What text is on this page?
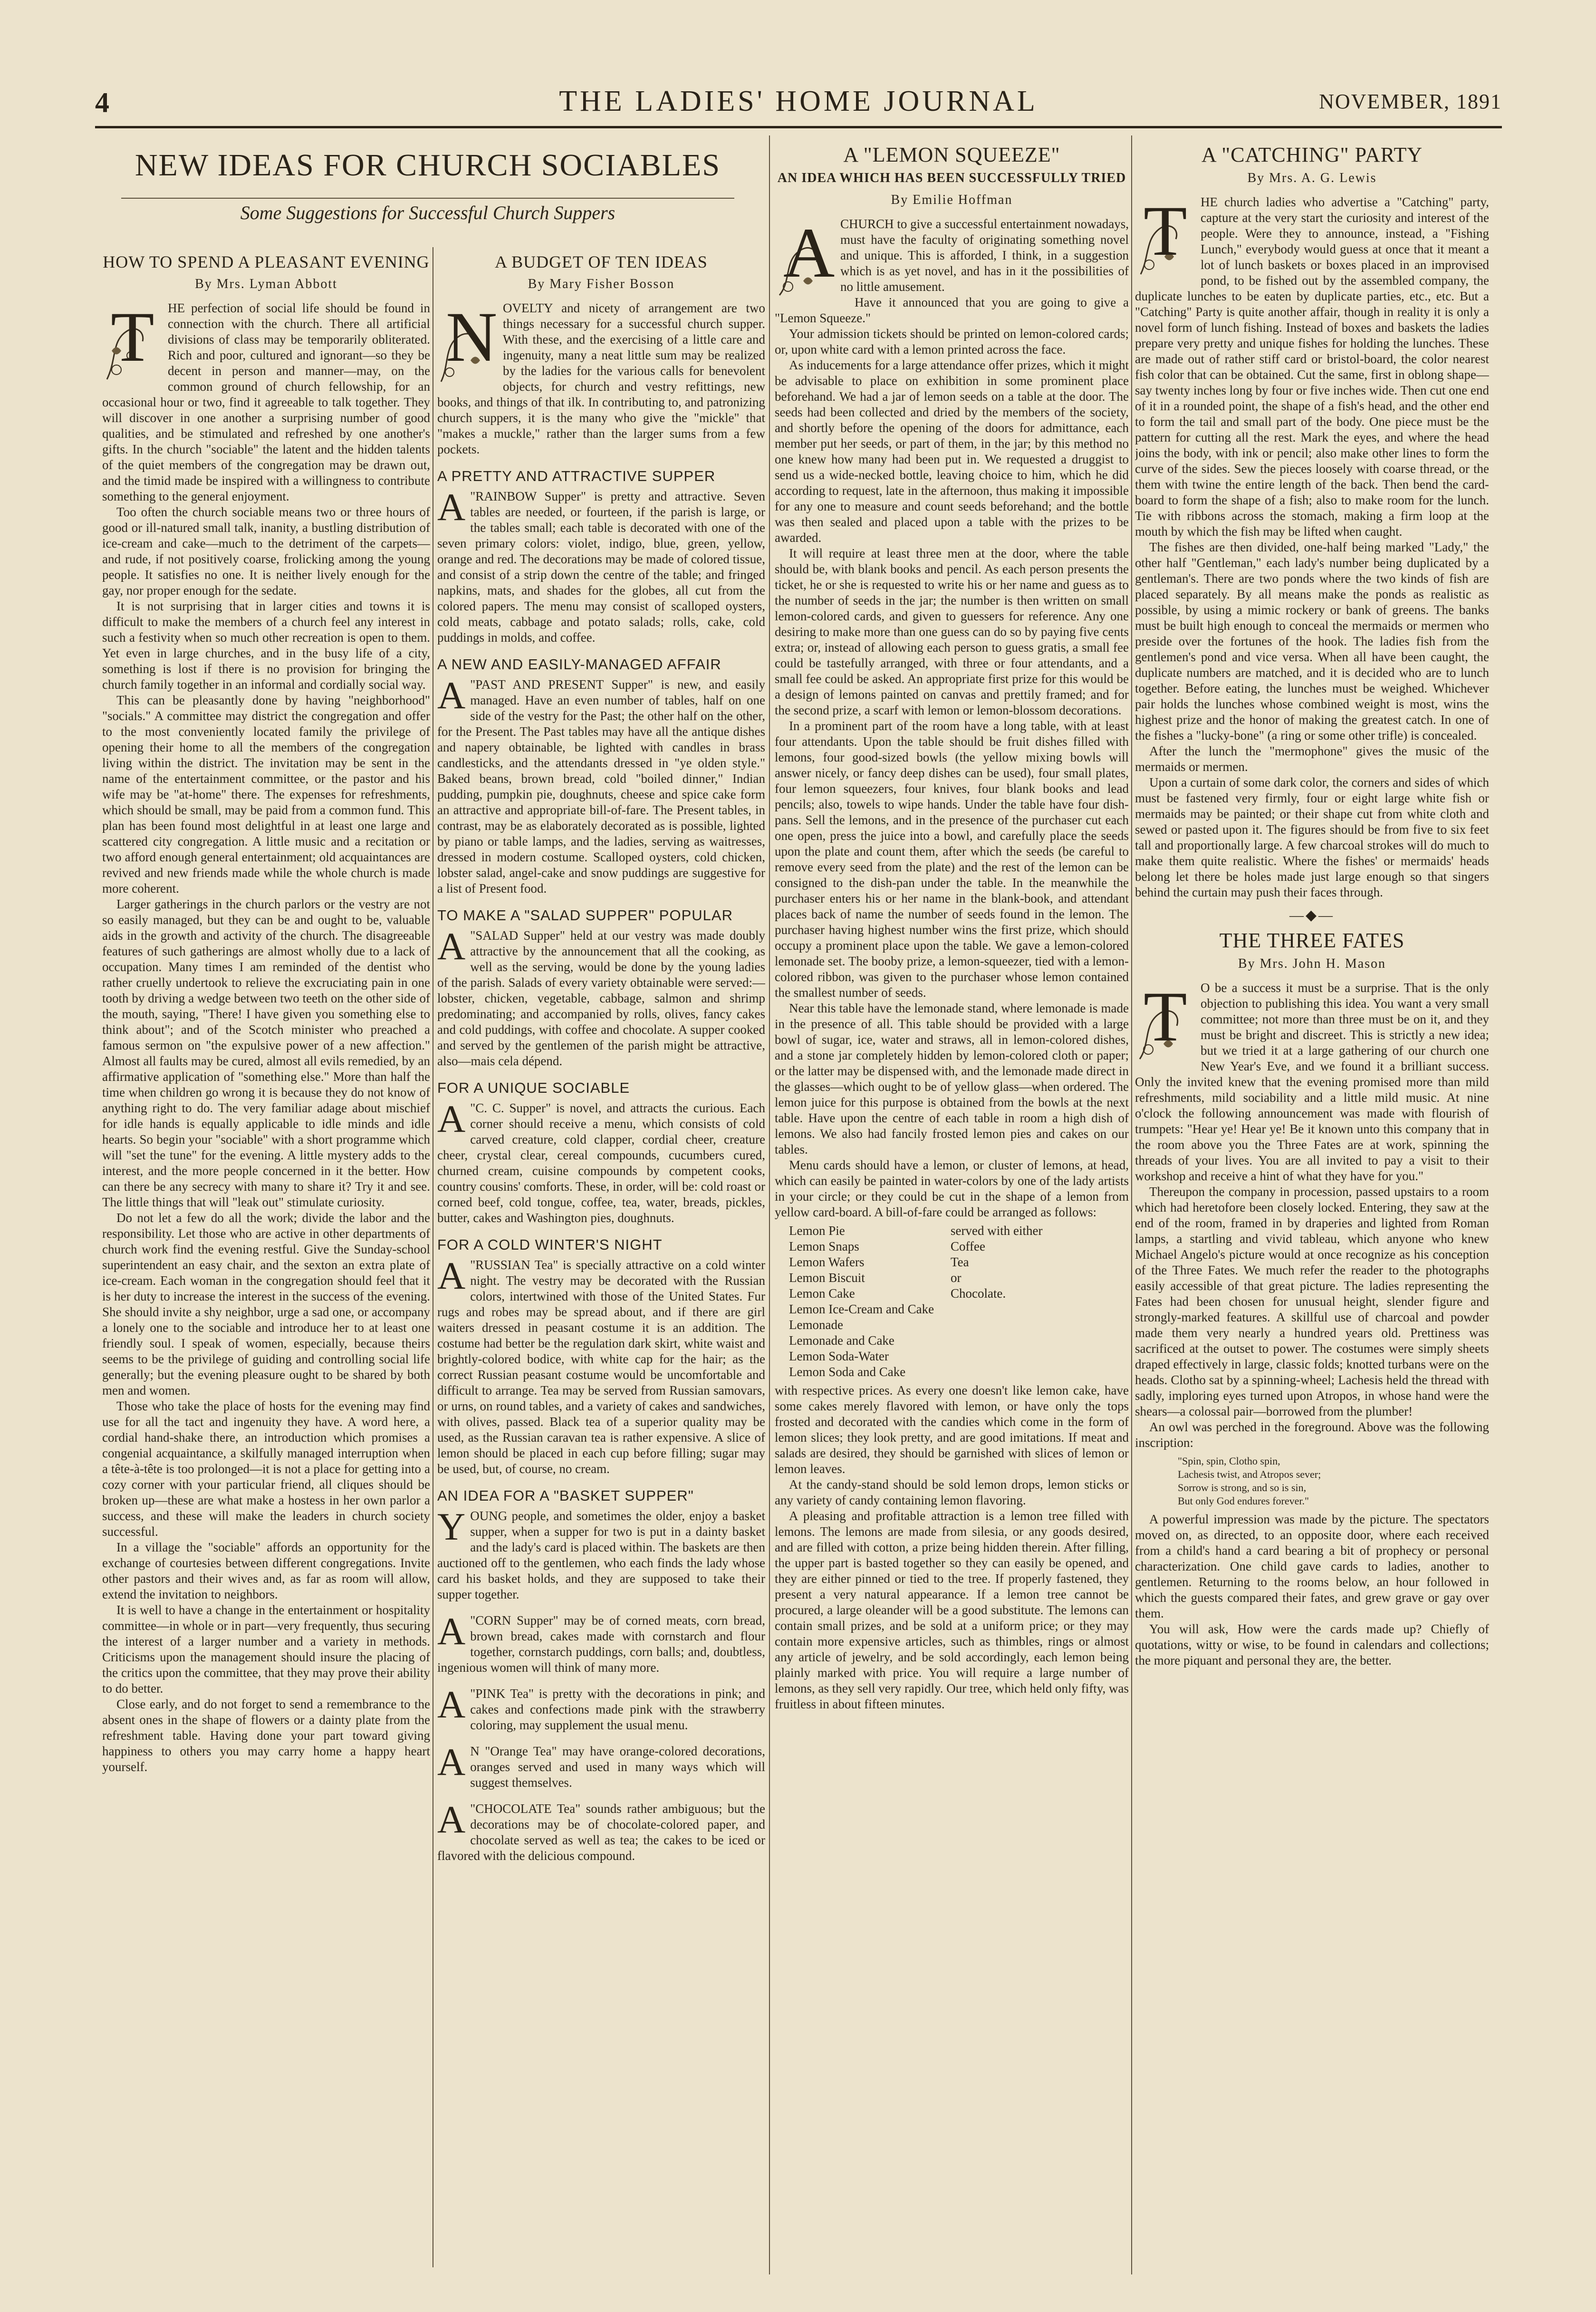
4	THE LADIES' HOME JOURNAL	NOVEMBER, 1891
NEW IDEAS FOR CHURCH SOCIABLES
Some Suggestions for Successful Church Suppers
HOW TO SPEND A PLEASANT EVENING
By Mrs. Lyman Abbott
T	HE perfection of social life should be found in connection with the church. There all artificial divisions of class may be temporarily obliterated. Rich and poor, cultured and ignorant—so they be decent in person and manner—may, on the common ground of church fellowship, for an occasional hour or two, find it agreeable to talk together. They will discover in one another a surprising number of good qualities, and be stimulated and refreshed by one another's gifts. In the church "sociable" the latent and the hidden talents of the quiet members of the congregation may be drawn out, and the timid made be inspired with a willingness to contribute something to the general enjoyment.

Too often the church sociable means two or three hours of good or ill-natured small talk, inanity, a bustling distribution of ice-cream and cake—much to the detriment of the carpets—and rude, if not positively coarse, frolicking among the young people. It satisfies no one. It is neither lively enough for the gay, nor proper enough for the sedate.

It is not surprising that in larger cities and towns it is difficult to make the members of a church feel any interest in such a festivity when so much other recreation is open to them. Yet even in large churches, and in the busy life of a city, something is lost if there is no provision for bringing the church family together in an informal and cordially social way.

This can be pleasantly done by having "neighborhood" "socials." A committee may district the congregation and offer to the most conveniently located family the privilege of opening their home to all the members of the congregation living within the district. The invitation may be sent in the name of the entertainment committee, or the pastor and his wife may be "at-home" there. The expenses for refreshments, which should be small, may be paid from a common fund. This plan has been found most delightful in at least one large and scattered city congregation. A little music and a recitation or two afford enough general entertainment; old acquaintances are revived and new friends made while the whole church is made more coherent.

Larger gatherings in the church parlors or the vestry are not so easily managed, but they can be and ought to be, valuable aids in the growth and activity of the church. The disagreeable features of such gatherings are almost wholly due to a lack of occupation. Many times I am reminded of the dentist who rather cruelly undertook to relieve the excruciating pain in one tooth by driving a wedge between two teeth on the other side of the mouth, saying, "There! I have given you something else to think about"; and of the Scotch minister who preached a famous sermon on "the expulsive power of a new affection." Almost all faults may be cured, almost all evils remedied, by an affirmative application of "something else." More than half the time when children go wrong it is because they do not know of anything right to do. The very familiar adage about mischief for idle hands is equally applicable to idle minds and idle hearts. So begin your "sociable" with a short programme which will "set the tune" for the evening. A little mystery adds to the interest, and the more people concerned in it the better. How can there be any secrecy with many to share it? Try it and see. The little things that will "leak out" stimulate curiosity.

Do not let a few do all the work; divide the labor and the responsibility. Let those who are active in other departments of church work find the evening restful. Give the Sunday-school superintendent an easy chair, and the sexton an extra plate of ice-cream. Each woman in the congregation should feel that it is her duty to increase the interest in the success of the evening. She should invite a shy neighbor, urge a sad one, or accompany a lonely one to the sociable and introduce her to at least one friendly soul. I speak of women, especially, because theirs seems to be the privilege of guiding and controlling social life generally; but the evening pleasure ought to be shared by both men and women.

Those who take the place of hosts for the evening may find use for all the tact and ingenuity they have. A word here, a cordial hand-shake there, an introduction which promises a congenial acquaintance, a skilfully managed interruption when a tête-à-tête is too prolonged—it is not a place for getting into a cozy corner with your particular friend, all cliques should be broken up—these are what make a hostess in her own parlor a success, and these will make the leaders in church society successful.

In a village the "sociable" affords an opportunity for the exchange of courtesies between different congregations. Invite other pastors and their wives and, as far as room will allow, extend the invitation to neighbors.

It is well to have a change in the entertainment or hospitality committee—in whole or in part—very frequently, thus securing the interest of a larger number and a variety in methods. Criticisms upon the management should insure the placing of the critics upon the committee, that they may prove their ability to do better.

Close early, and do not forget to send a remembrance to the absent ones in the shape of flowers or a dainty plate from the refreshment table. Having done your part toward giving happiness to others you may carry home a happy heart yourself.

A BUDGET OF TEN IDEAS
By Mary Fisher Bosson
N OVELTY and nicety of arrangement are two things necessary for a successful church supper. With these, and the exercising of a little care and ingenuity, many a neat little sum may be realized by the ladies for the various calls for benevolent objects, for church and vestry refittings, new books, and things of that ilk. In contributing to, and patronizing church suppers, it is the many who give the "mickle" that "makes a muckle," rather than the larger sums from a few pockets.

A PRETTY AND ATTRACTIVE SUPPER

A "RAINBOW Supper" is pretty and attractive. Seven tables are needed, or fourteen, if the parish is large, or the tables small; each table is decorated with one of the seven primary colors: violet, indigo, blue, green, yellow, orange and red. The decorations may be made of colored tissue, and consist of a strip down the centre of the table; and fringed napkins, mats, and shades for the globes, all cut from the colored papers. The menu may consist of scalloped oysters, cold meats, cabbage and potato salads; rolls, cake, cold puddings in molds, and coffee.

A NEW AND EASILY-MANAGED AFFAIR

A "PAST AND PRESENT Supper" is new, and easily managed. Have an even number of tables, half on one side of the vestry for the Past; the other half on the other, for the Present. The Past tables may have all the antique dishes and napery obtainable, be lighted with candles in brass candlesticks, and the attendants dressed in "ye olden style." Baked beans, brown bread, cold "boiled dinner," Indian pudding, pumpkin pie, doughnuts, cheese and spice cake form an attractive and appropriate bill-of-fare. The Present tables, in contrast, may be as elaborately decorated as is possible, lighted by piano or table lamps, and the ladies, serving as waitresses, dressed in modern costume. Scalloped oysters, cold chicken, lobster salad, angel-cake and snow puddings are suggestive for a list of Present food.

TO MAKE A "SALAD SUPPER" POPULAR

A "SALAD Supper" held at our vestry was made doubly attractive by the announcement that all the cooking, as well as the serving, would be done by the young ladies of the parish. Salads of every variety obtainable were served:—lobster, chicken, vegetable, cabbage, salmon and shrimp predominating; and accompanied by rolls, olives, fancy cakes and cold puddings, with coffee and chocolate. A supper cooked and served by the gentlemen of the parish might be attractive, also—mais cela dépend.

FOR A UNIQUE SOCIABLE

A "C. C. Supper" is novel, and attracts the curious. Each corner should receive a menu, which consists of cold carved creature, cold clapper, cordial cheer, creature cheer, crystal clear, cereal compounds, cucumbers cured, churned cream, cuisine compounds by competent cooks, country cousins' comforts. These, in order, will be: cold roast or corned beef, cold tongue, coffee, tea, water, breads, pickles, butter, cakes and Washington pies, doughnuts.

FOR A COLD WINTER'S NIGHT

A "RUSSIAN Tea" is specially attractive on a cold winter night. The vestry may be decorated with the Russian colors, intertwined with those of the United States. Fur rugs and robes may be spread about, and if there are girl waiters dressed in peasant costume it is an addition. The costume had better be the regulation dark skirt, white waist and brightly-colored bodice, with white cap for the hair; as the correct Russian peasant costume would be uncomfortable and difficult to arrange. Tea may be served from Russian samovars, or urns, on round tables, and a variety of cakes and sandwiches, with olives, passed. Black tea of a superior quality may be used, as the Russian caravan tea is rather expensive. A slice of lemon should be placed in each cup before filling; sugar may be used, but, of course, no cream.

AN IDEA FOR A "BASKET SUPPER"

YOUNG people, and sometimes the older, enjoy a basket supper, when a supper for two is put in a dainty basket and the lady's card is placed within. The baskets are then auctioned off to the gentlemen, who each finds the lady whose card his basket holds, and they are supposed to take their supper together.

A "CORN Supper" may be of corned meats, corn bread, brown bread, cakes made with cornstarch and flour together, cornstarch puddings, corn balls; and, doubtless, ingenious women will think of many more.

A "PINK Tea" is pretty with the decorations in pink; and cakes and confections made pink with the strawberry coloring, may supplement the usual menu.

A N "Orange Tea" may have orange-colored decorations, oranges served and used in many ways which will suggest themselves.

A "CHOCOLATE Tea" sounds rather ambiguous; but the decorations may be of chocolate-colored paper, and chocolate served as well as tea; the cakes to be iced or flavored with the delicious compound.

A "LEMON SQUEEZE"
AN IDEA WHICH HAS BEEN SUCCESSFULLY TRIED
By Emilie Hoffman
A CHURCH to give a successful entertainment nowadays, must have the faculty of originating something novel and unique. This is afforded, I think, in a suggestion which is as yet novel, and has in it the possibilities of no little amusement.

Have it announced that you are going to give a "Lemon Squeeze."

Your admission tickets should be printed on lemon-colored cards; or, upon white card with a lemon printed across the face.

As inducements for a large attendance offer prizes, which it might be advisable to place on exhibition in some prominent place beforehand. We had a jar of lemon seeds on a table at the door. The seeds had been collected and dried by the members of the society, and shortly before the opening of the doors for admittance, each member put her seeds, or part of them, in the jar; by this method no one knew how many had been put in. We requested a druggist to send us a wide-necked bottle, leaving choice to him, which he did according to request, late in the afternoon, thus making it impossible for any one to measure and count seeds beforehand; and the bottle was then sealed and placed upon a table with the prizes to be awarded.

It will require at least three men at the door, where the table should be, with blank books and pencil. As each person presents the ticket, he or she is requested to write his or her name and guess as to the number of seeds in the jar; the number is then written on small lemon-colored cards, and given to guessers for reference. Any one desiring to make more than one guess can do so by paying five cents extra; or, instead of allowing each person to guess gratis, a small fee could be tastefully arranged, with three or four attendants, and a small fee could be asked. An appropriate first prize for this would be a design of lemons painted on canvas and prettily framed; and for the second prize, a scarf with lemon or lemon-blossom decorations.

In a prominent part of the room have a long table, with at least four attendants. Upon the table should be fruit dishes filled with lemons, four good-sized bowls (the yellow mixing bowls will answer nicely, or fancy deep dishes can be used), four small plates, four lemon squeezers, four knives, four blank books and lead pencils; also, towels to wipe hands. Under the table have four dish-pans. Sell the lemons, and in the presence of the purchaser cut each one open, press the juice into a bowl, and carefully place the seeds upon the plate and count them, after which the seeds (be careful to remove every seed from the plate) and the rest of the lemon can be consigned to the dish-pan under the table. In the meanwhile the purchaser enters his or her name in the blank-book, and attendant places back of name the number of seeds found in the lemon. The purchaser having highest number wins the first prize, which should occupy a prominent place upon the table. We gave a lemon-colored lemonade set. The booby prize, a lemon-squeezer, tied with a lemon-colored ribbon, was given to the purchaser whose lemon contained the smallest number of seeds.

Near this table have the lemonade stand, where lemonade is made in the presence of all. This table should be provided with a large bowl of sugar, ice, water and straws, all in lemon-colored dishes, and a stone jar completely hidden by lemon-colored cloth or paper; or the latter may be dispensed with, and the lemonade made direct in the glasses—which ought to be of yellow glass—when ordered. The lemon juice for this purpose is obtained from the bowls at the next table. Have upon the centre of each table in room a high dish of lemons. We also had fancily frosted lemon pies and cakes on our tables.

Menu cards should have a lemon, or cluster of lemons, at head, which can easily be painted in water-colors by one of the lady artists in your circle; or they could be cut in the shape of a lemon from yellow card-board. A bill-of-fare could be arranged as follows:

Lemon Pie	served with either
Lemon Snaps	Coffee
Lemon Wafers	Tea
Lemon Biscuit	or
Lemon Cake	Chocolate.
Lemon Ice-Cream and Cake
Lemonade
Lemonade and Cake
Lemon Soda-Water
Lemon Soda and Cake

with respective prices. As every one doesn't like lemon cake, have some cakes merely flavored with lemon, or have only the tops frosted and decorated with the candies which come in the form of lemon slices; they look pretty, and are good imitations. If meat and salads are desired, they should be garnished with slices of lemon or lemon leaves.

At the candy-stand should be sold lemon drops, lemon sticks or any variety of candy containing lemon flavoring.

A pleasing and profitable attraction is a lemon tree filled with lemons. The lemons are made from silesia, or any goods desired, and are filled with cotton, a prize being hidden therein. After filling, the upper part is basted together so they can easily be opened, and they are either pinned or tied to the tree. If properly fastened, they present a very natural appearance. If a lemon tree cannot be procured, a large oleander will be a good substitute. The lemons can contain small prizes, and be sold at a uniform price; or they may contain more expensive articles, such as thimbles, rings or almost any article of jewelry, and be sold accordingly, each lemon being plainly marked with price. You will require a large number of lemons, as they sell very rapidly. Our tree, which held only fifty, was fruitless in about fifteen minutes.

A "CATCHING" PARTY
By Mrs. A. G. Lewis
T	HE church ladies who advertise a "Catching" party, capture at the very start the curiosity and interest of the people. Were they to announce, instead, a "Fishing Lunch," everybody would guess at once that it meant a lot of lunch baskets or boxes placed in an improvised pond, to be fished out by the assembled company, the duplicate lunches to be eaten by duplicate parties, etc., etc. But a "Catching" Party is quite another affair, though in reality it is only a novel form of lunch fishing. Instead of boxes and baskets the ladies prepare very pretty and unique fishes for holding the lunches. These are made out of rather stiff card or bristol-board, the color nearest fish color that can be obtained. Cut the same, first in oblong shape—say twenty inches long by four or five inches wide. Then cut one end of it in a rounded point, the shape of a fish's head, and the other end to form the tail and small part of the body. One piece must be the pattern for cutting all the rest. Mark the eyes, and where the head joins the body, with ink or pencil; also make other lines to form the curve of the sides. Sew the pieces loosely with coarse thread, or the them with twine the entire length of the back. Then bend the card-board to form the shape of a fish; also to make room for the lunch. Tie with ribbons across the stomach, making a firm loop at the mouth by which the fish may be lifted when caught.

The fishes are then divided, one-half being marked "Lady," the other half "Gentleman," each lady's number being duplicated by a gentleman's. There are two ponds where the two kinds of fish are placed separately. By all means make the ponds as realistic as possible, by using a mimic rockery or bank of greens. The banks must be built high enough to conceal the mermaids or mermen who preside over the fortunes of the hook. The ladies fish from the gentlemen's pond and vice versa. When all have been caught, the duplicate numbers are matched, and it is decided who are to lunch together. Before eating, the lunches must be weighed. Whichever pair holds the lunches whose combined weight is most, wins the highest prize and the honor of making the greatest catch. In one of the fishes a "lucky-bone" (a ring or some other trifle) is concealed.

After the lunch the "mermophone" gives the music of the mermaids or mermen.

Upon a curtain of some dark color, the corners and sides of which must be fastened very firmly, four or eight large white fish or mermaids may be painted; or their shape cut from white cloth and sewed or pasted upon it. The figures should be from five to six feet tall and proportionally large. A few charcoal strokes will do much to make them quite realistic. Where the fishes' or mermaids' heads belong let there be holes made just large enough so that singers behind the curtain may push their faces through.

—◆—
THE THREE FATES
By Mrs. John H. Mason
T	O be a success it must be a surprise. That is the only objection to publishing this idea. You want a very small committee; not more than three must be on it, and they must be bright and discreet. This is strictly a new idea; but we tried it at a large gathering of our church one New Year's Eve, and we found it a brilliant success. Only the invited knew that the evening promised more than mild refreshments, mild sociability and a little mild music. At nine o'clock the following announcement was made with flourish of trumpets: "Hear ye! Hear ye! Be it known unto this company that in the room above you the Three Fates are at work, spinning the threads of your lives. You are all invited to pay a visit to their workshop and receive a hint of what they have for you."

Thereupon the company in procession, passed upstairs to a room which had heretofore been closely locked. Entering, they saw at the end of the room, framed in by draperies and lighted from Roman lamps, a startling and vivid tableau, which anyone who knew Michael Angelo's picture would at once recognize as his conception of the Three Fates. We much refer the reader to the photographs easily accessible of that great picture. The ladies representing the Fates had been chosen for unusual height, slender figure and strongly-marked features. A skillful use of charcoal and powder made them very nearly a hundred years old. Prettiness was sacrificed at the outset to power. The costumes were simply sheets draped effectively in large, classic folds; knotted turbans were on the heads. Clotho sat by a spinning-wheel; Lachesis held the thread with sadly, imploring eyes turned upon Atropos, in whose hand were the shears—a colossal pair—borrowed from the plumber!

An owl was perched in the foreground. Above was the following inscription:

"Spin, spin, Clotho spin,
Lachesis twist, and Atropos sever;
Sorrow is strong, and so is sin,
But only God endures forever."

A powerful impression was made by the picture. The spectators moved on, as directed, to an opposite door, where each received from a child's hand a card bearing a bit of prophecy or personal characterization. One child gave cards to ladies, another to gentlemen. Returning to the rooms below, an hour followed in which the guests compared their fates, and grew grave or gay over them.

You will ask, How were the cards made up? Chiefly of quotations, witty or wise, to be found in calendars and collections; the more piquant and personal they are, the better.
